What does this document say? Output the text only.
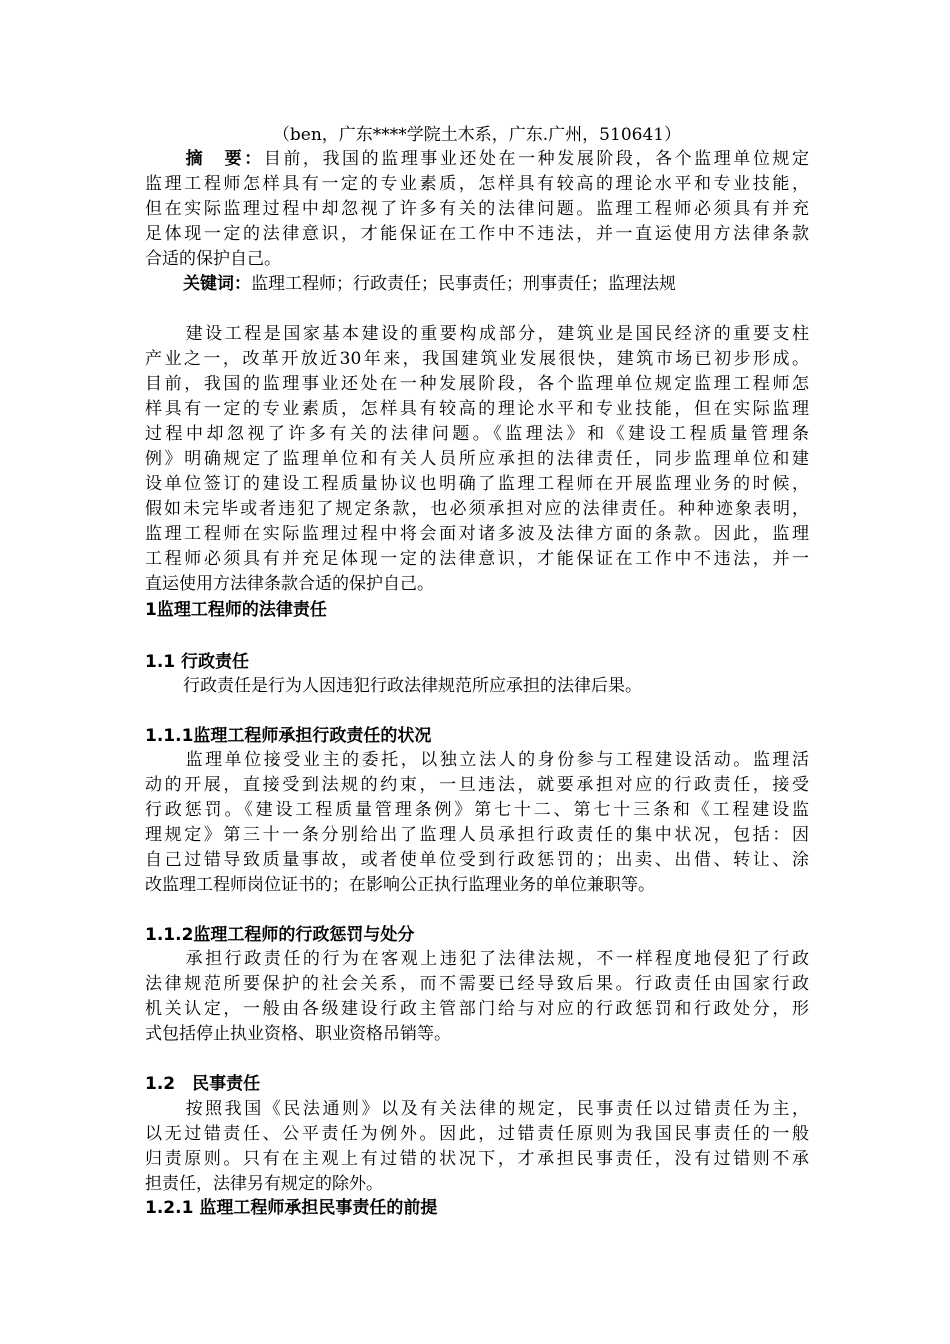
（ben，广东****学院土木系，广东.广州，510641）
摘　要：目前，我国的监理事业还处在一种发展阶段，各个监理单位规定
监理工程师怎样具有一定的专业素质，怎样具有较高的理论水平和专业技能，
但在实际监理过程中却忽视了许多有关的法律问题。监理工程师必须具有并充
足体现一定的法律意识，才能保证在工作中不违法，并一直运使用方法律条款
合适的保护自己。
关键词：监理工程师；行政责任；民事责任；刑事责任；监理法规
建设工程是国家基本建设的重要构成部分，建筑业是国民经济的重要支柱
产业之一，改革开放近30年来，我国建筑业发展很快，建筑市场已初步形成。
目前，我国的监理事业还处在一种发展阶段，各个监理单位规定监理工程师怎
样具有一定的专业素质，怎样具有较高的理论水平和专业技能，但在实际监理
过程中却忽视了许多有关的法律问题。《监理法》和《建设工程质量管理条
例》明确规定了监理单位和有关人员所应承担的法律责任，同步监理单位和建
设单位签订的建设工程质量协议也明确了监理工程师在开展监理业务的时候，
假如未完毕或者违犯了规定条款，也必须承担对应的法律责任。种种迹象表明，
监理工程师在实际监理过程中将会面对诸多波及法律方面的条款。因此，监理
工程师必须具有并充足体现一定的法律意识，才能保证在工作中不违法，并一
直运使用方法律条款合适的保护自己。
1监理工程师的法律责任
1.1 行政责任
行政责任是行为人因违犯行政法律规范所应承担的法律后果。
1.1.1监理工程师承担行政责任的状况
监理单位接受业主的委托，以独立法人的身份参与工程建设活动。监理活
动的开展，直接受到法规的约束，一旦违法，就要承担对应的行政责任，接受
行政惩罚。《建设工程质量管理条例》第七十二、第七十三条和《工程建设监
理规定》第三十一条分别给出了监理人员承担行政责任的集中状况，包括：因
自己过错导致质量事故，或者使单位受到行政惩罚的；出卖、出借、转让、涂
改监理工程师岗位证书的；在影响公正执行监理业务的单位兼职等。
1.1.2监理工程师的行政惩罚与处分
承担行政责任的行为在客观上违犯了法律法规，不一样程度地侵犯了行政
法律规范所要保护的社会关系，而不需要已经导致后果。行政责任由国家行政
机关认定，一般由各级建设行政主管部门给与对应的行政惩罚和行政处分，形
式包括停止执业资格、职业资格吊销等。
1.2　民事责任
按照我国《民法通则》以及有关法律的规定，民事责任以过错责任为主，
以无过错责任、公平责任为例外。因此，过错责任原则为我国民事责任的一般
归责原则。只有在主观上有过错的状况下，才承担民事责任，没有过错则不承
担责任，法律另有规定的除外。
1.2.1 监理工程师承担民事责任的前提
